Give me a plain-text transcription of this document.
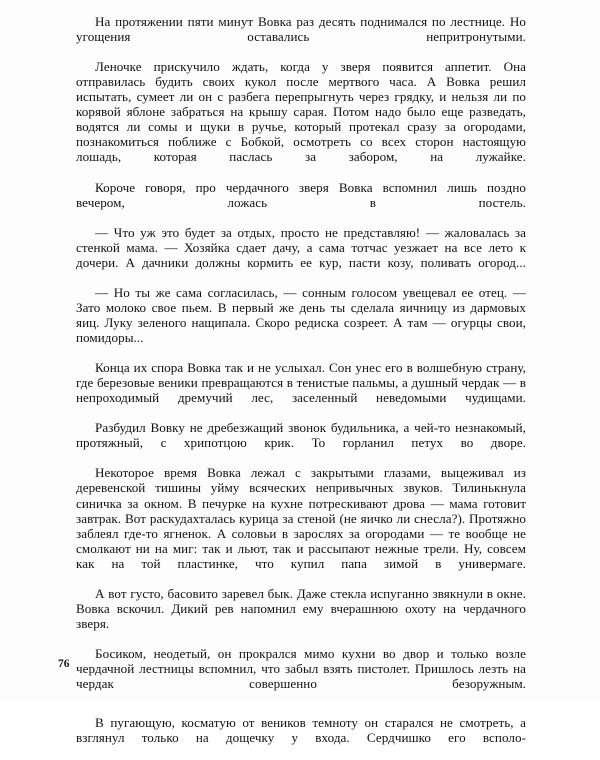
На протяжении пяти минут Вовка раз десять поднимался по лестнице. Но угощения оставались непритронутыми.

Леночке прискучило ждать, когда у зверя появится аппетит. Она отправилась будить своих кукол после мертвого часа. А Вовка решил испытать, сумеет ли он с разбега перепрыгнуть через грядку, и нельзя ли по корявой яблоне забраться на крышу сарая. Потом надо было еще разведать, водятся ли сомы и щуки в ручье, который протекал сразу за огородами, познакомиться поближе с Бобкой, осмотреть со всех сторон настоящую лошадь, которая паслась за забором, на лужайке.

Короче говоря, про чердачного зверя Вовка вспомнил лишь поздно вечером, ложась в постель.

— Что уж это будет за отдых, просто не представляю! — жаловалась за стенкой мама. — Хозяйка сдает дачу, а сама тотчас уезжает на все лето к дочери. А дачники должны кормить ее кур, пасти козу, поливать огород...

— Но ты же сама согласилась, — сонным голосом увещевал ее отец. — Зато молоко свое пьем. В первый же день ты сделала яичницу из дармовых яиц. Луку зеленого нащипала. Скоро редиска созреет. А там — огурцы свои, помидоры...

Конца их спора Вовка так и не услыхал. Сон унес его в волшебную страну, где березовые веники превращаются в тенистые пальмы, а душный чердак — в непроходимый дремучий лес, заселенный неведомыми чудищами.

Разбудил Вовку не дребезжащий звонок будильника, а чей-то незнакомый, протяжный, с хрипотцою крик. То горланил петух во дворе.

Некоторое время Вовка лежал с закрытыми глазами, выцеживал из деревенской тишины уйму всяческих непривычных звуков. Тилинькнула синичка за окном. В печурке на кухне потрескивают дрова — мама готовит завтрак. Вот раскудахталась курица за стеной (не яичко ли снесла?). Протяжно заблеял где-то ягненок. А соловьи в зарослях за огородами — те вообще не смолкают ни на миг: так и льют, так и рассыпают нежные трели. Ну, совсем как на той пластинке, что купил папа зимой в универмаге.

А вот густо, басовито заревел бык. Даже стекла испуганно звякнули в окне. Вовка вскочил. Дикий рев напомнил ему вчерашнюю охоту на чердачного зверя.

Босиком, неодетый, он прокрался мимо кухни во двор и только возле чердачной лестницы вспомнил, что забыл взять пистолет. Пришлось лезть на чердак совершенно безоружным.

В пугающую, косматую от веников темноту он старался не смотреть, а взглянул только на дощечку у входа. Сердчишко его всполо-

76
